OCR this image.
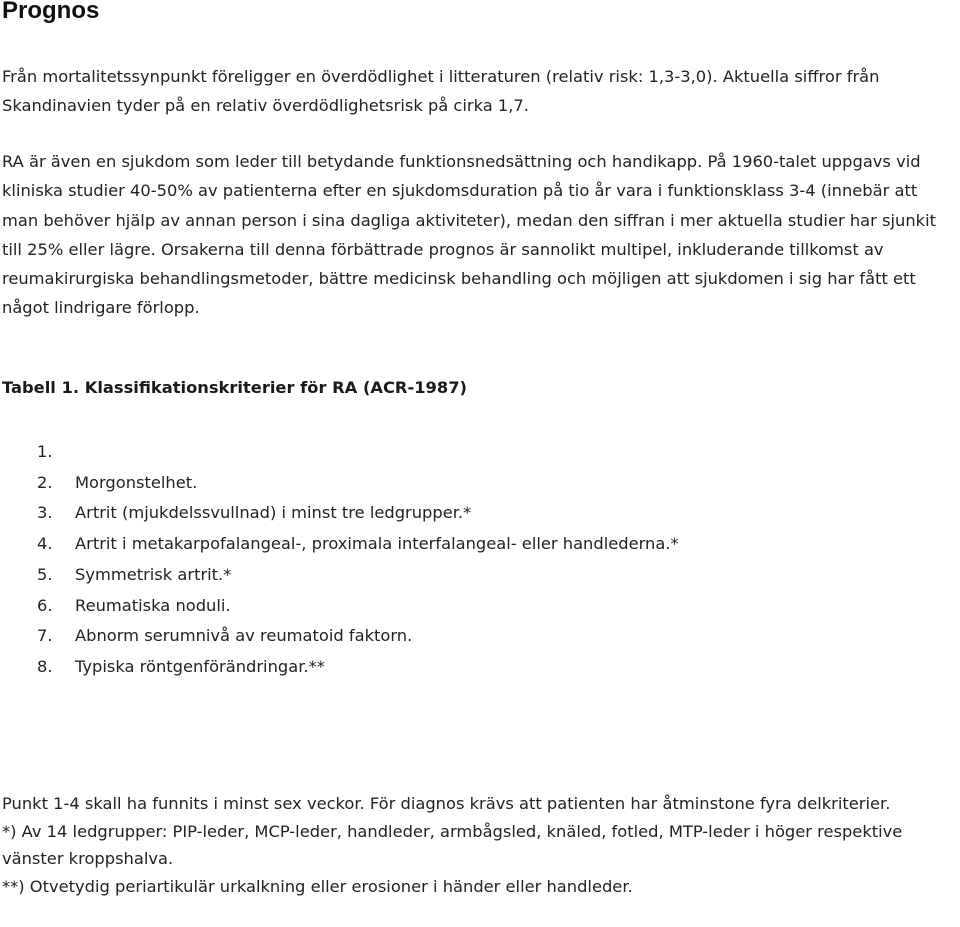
Prognos

Från mortalitetssynpunkt föreligger en överdödlighet i litteraturen (relativ risk: 1,3-3,0). Aktuella siffror från Skandinavien tyder på en relativ överdödlighetsrisk på cirka 1,7.

RA är även en sjukdom som leder till betydande funktionsnedsättning och handikapp. På 1960-talet uppgavs vid kliniska studier 40-50% av patienterna efter en sjukdomsduration på tio år vara i funktionsklass 3-4 (innebär att man behöver hjälp av annan person i sina dagliga aktiviteter), medan den siffran i mer aktuella studier har sjunkit till 25% eller lägre. Orsakerna till denna förbättrade prognos är sannolikt multipel, inkluderande tillkomst av reumakirurgiska behandlingsmetoder, bättre medicinsk behandling och möjligen att sjukdomen i sig har fått ett något lindrigare förlopp.

Tabell 1. Klassifikationskriterier för RA (ACR-1987)
1.
2.	Morgonstelhet.
3.	Artrit (mjukdelssvullnad) i minst tre ledgrupper.*
4.	Artrit i metakarpofalangeal-, proximala interfalangeal- eller handlederna.*
5.	Symmetrisk artrit.*
6.	Reumatiska noduli.
7.	Abnorm serumnivå av reumatoid faktorn.
8.	Typiska röntgenförändringar.**

Punkt 1-4 skall ha funnits i minst sex veckor. För diagnos krävs att patienten har åtminstone fyra delkriterier.

*) Av 14 ledgrupper: PIP-leder, MCP-leder, handleder, armbågsled, knäled, fotled, MTP-leder i höger respektive vänster kroppshalva.

**) Otvetydig periartikulär urkalkning eller erosioner i händer eller handleder.
